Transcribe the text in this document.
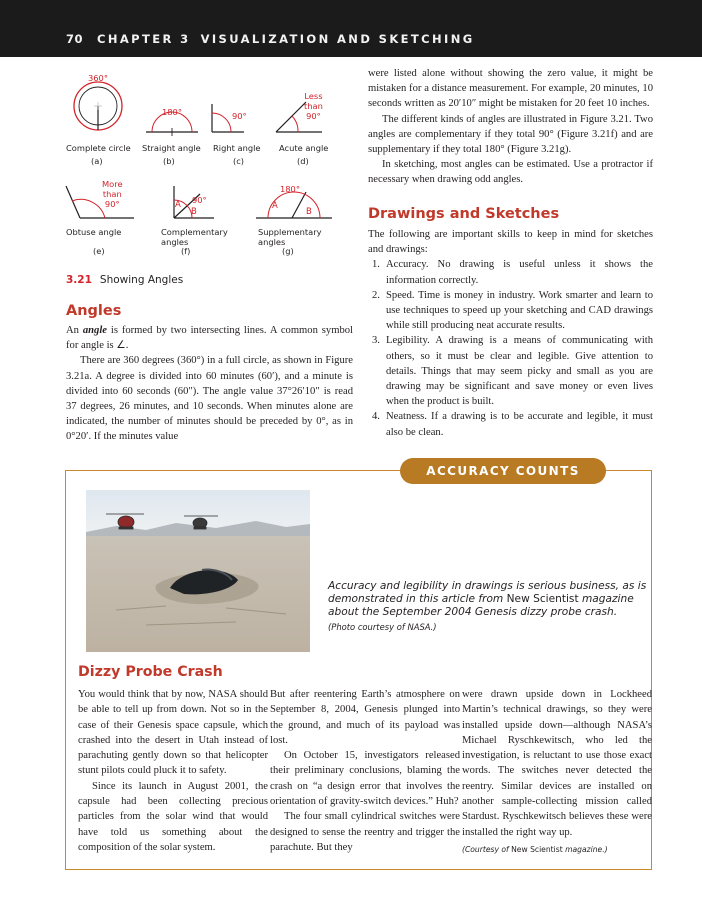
70 CHAPTER 3 VISUALIZATION AND SKETCHING
360°
180°	90°
Less
than
90°
More
than
90°	90°
180°
A
B
A
B
Complete circle
(a)
Straight angle
(b)
Right angle
(c)
Acute angle
(d)
Obtuse angle
(e)
Complementary
angles
(f)
Supplementary
angles
(g)
3.21 Showing Angles
Angles

An angle is formed by two intersecting lines. A common symbol for angle is ∠.

There are 360 degrees (360°) in a full circle, as shown in Figure 3.21a. A degree is divided into 60 minutes (60′), and a minute is divided into 60 seconds (60″). The angle value 37°26′10″ is read 37 degrees, 26 minutes, and 10 seconds. When minutes alone are indicated, the number of minutes should be preceded by 0°, as in 0°20′. If the minutes value

were listed alone without showing the zero value, it might be mistaken for a distance measurement. For example, 20 minutes, 10 seconds written as 20′10″ might be mistaken for 20 feet 10 inches.

The different kinds of angles are illustrated in Figure 3.21. Two angles are complementary if they total 90° (Figure 3.21f) and are supplementary if they total 180° (Figure 3.21g).

In sketching, most angles can be estimated. Use a protractor if necessary when drawing odd angles.

Drawings and Sketches

The following are important skills to keep in mind for sketches and drawings:

1. Accuracy. No drawing is useful unless it shows the information correctly.
2. Speed. Time is money in industry. Work smarter and learn to use techniques to speed up your sketching and CAD drawings while still producing neat accurate results.
3. Legibility. A drawing is a means of communicating with others, so it must be clear and legible. Give attention to details. Things that may seem picky and small as you are drawing may be significant and save money or even lives when the product is built.
4. Neatness. If a drawing is to be accurate and legible, it must also be clean.
ACCURACY COUNTS
Accuracy and legibility in drawings is serious business, as is demonstrated in this article from New Scientist magazine about the September 2004 Genesis dizzy probe crash.
(Photo courtesy of NASA.)
Dizzy Probe Crash

You would think that by now, NASA should be able to tell up from down. Not so in the case of their Genesis space capsule, which crashed into the desert in Utah instead of parachuting gently down so that helicopter stunt pilots could pluck it to safety.

Since its launch in August 2001, the capsule had been collecting precious particles from the solar wind that would have told us something about the composition of the solar system.

But after reentering Earth’s atmosphere on September 8, 2004, Genesis plunged into the ground, and much of its payload was lost.

On October 15, investigators released their preliminary conclusions, blaming the crash on “a design error that involves the orientation of gravity-switch devices.” Huh?

The four small cylindrical switches were designed to sense the reentry and trigger the parachute. But they

were drawn upside down in Lockheed Martin’s technical drawings, so they were installed upside down—although NASA’s Michael Ryschkewitsch, who led the investigation, is reluctant to use those exact words. The switches never detected the reentry. Similar devices are installed on another sample-collecting mission called Stardust. Ryschkewitsch believes these were installed the right way up.

(Courtesy of New Scientist magazine.)
